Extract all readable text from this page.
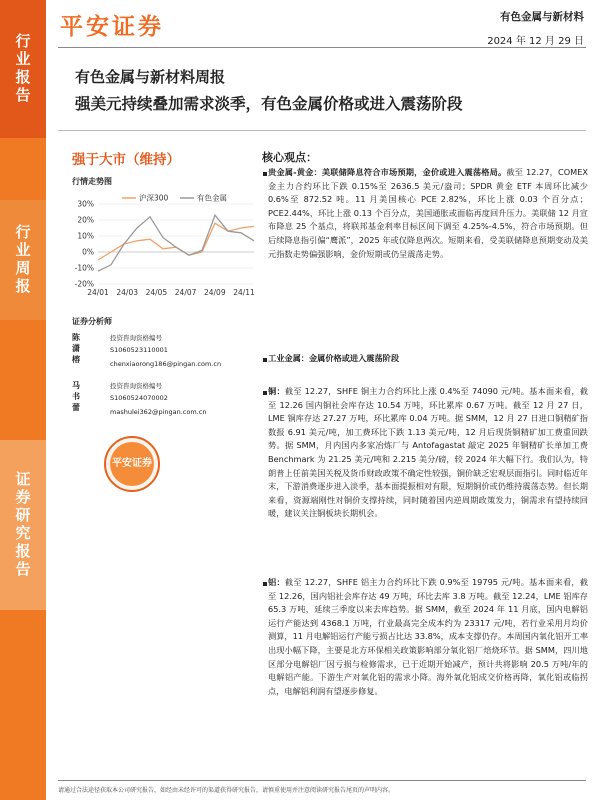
行业报告
行业周报
证券研究报告
平安证券	有色金属与新材料
2024 年 12 月 29 日
有色金属与新材料周报
强美元持续叠加需求淡季，有色金属价格或进入震荡阶段
强于大市（维持）
行情走势图
沪深300	有色金属
30%
20%
10%
0%
-10%
-20%
24/01 24/03 24/05 24/07 24/09 24/11
证券分析师
陈潇榕
投资咨询资格编号
S1060523110001
chenxiaorong186@pingan.com.cn
马书蕾
投资咨询资格编号
S1060524070002
mashulei362@pingan.com.cn
平安证券
核心观点：
贵金属-黄金：美联储降息符合市场预期，金价或进入震荡格局。截至 12.27，COMEX 金主力合约环比下跌 0.15%至 2636.5 美元/盎司；SPDR 黄金 ETF 本周环比减少 0.6%至 872.52 吨。11 月美国核心 PCE 2.82%，环比上涨 0.03 个百分点；PCE2.44%，环比上涨 0.13 个百分点，美国通胀或面临再度回升压力。美联储 12 月宣布降息 25 个基点，将联邦基金利率目标区间下调至 4.25%-4.5%，符合市场预期。但后续降息指引偏“鹰派”，2025 年或仅降息两次。短期来看，受美联储降息预期变动及美元指数走势偏强影响，金价短期或仍呈震荡走势。
工业金属：金属价格或进入震荡阶段
铜：截至 12.27，SHFE 铜主力合约环比上涨 0.4%至 74090 元/吨。基本面来看，截至 12.26 国内铜社会库存达 10.54 万吨，环比累库 0.67 万吨。截至 12 月 27 日，LME 铜库存达 27.27 万吨，环比累库 0.04 万吨。据 SMM，12 月 27 日进口铜精矿指数报 6.91 美元/吨，加工费环比下跌 1.13 美元/吨，12 月后现货铜精矿加工费重回跌势。据 SMM，月内国内多家冶炼厂与 Antofagastat 敲定 2025 年铜精矿长单加工费 Benchmark 为 21.25 美元/吨和 2.215 美分/磅，较 2024 年大幅下行。我们认为，特朗普上任前美国关税及货币财政政策不确定性较强，铜价缺乏宏观层面指引。同时临近年末，下游消费逐步进入淡季，基本面提振相对有限，短期铜价或仍维持震荡态势。但长期来看，资源端刚性对铜价支撑持续，同时随着国内逆周期政策发力，铜需求有望持续回暖，建议关注铜板块长期机会。
铝：截至 12.27，SHFE 铝主力合约环比下跌 0.9%至 19795 元/吨。基本面来看，截至 12.26，国内铝社会库存达 49 万吨，环比去库 3.8 万吨。截至 12.24，LME 铝库存 65.3 万吨，延续三季度以来去库趋势。据 SMM，截至 2024 年 11 月底，国内电解铝运行产能达到 4368.1 万吨，行业最高完全成本约为 23317 元/吨，若行业采用月均价测算，11 月电解铝运行产能亏损占比达 33.8%，成本支撑仍存。本周国内氧化铝开工率出现小幅下降，主要是北方环保相关政策影响部分氧化铝厂焙烧环节。据 SMM，四川地区部分电解铝厂因亏损与检修需求，已于近期开始减产，预计共将影响 20.5 万吨/年的电解铝产能。下游生产对氧化铝的需求小降。海外氧化铝成交价格再降，氧化铝或临拐点，电解铝利润有望逐步修复。
请通过合法途径获取本公司研究报告，如经由未经许可的渠道获得研究报告，请慎重使用并注意阅读研究报告尾页的声明内容。
